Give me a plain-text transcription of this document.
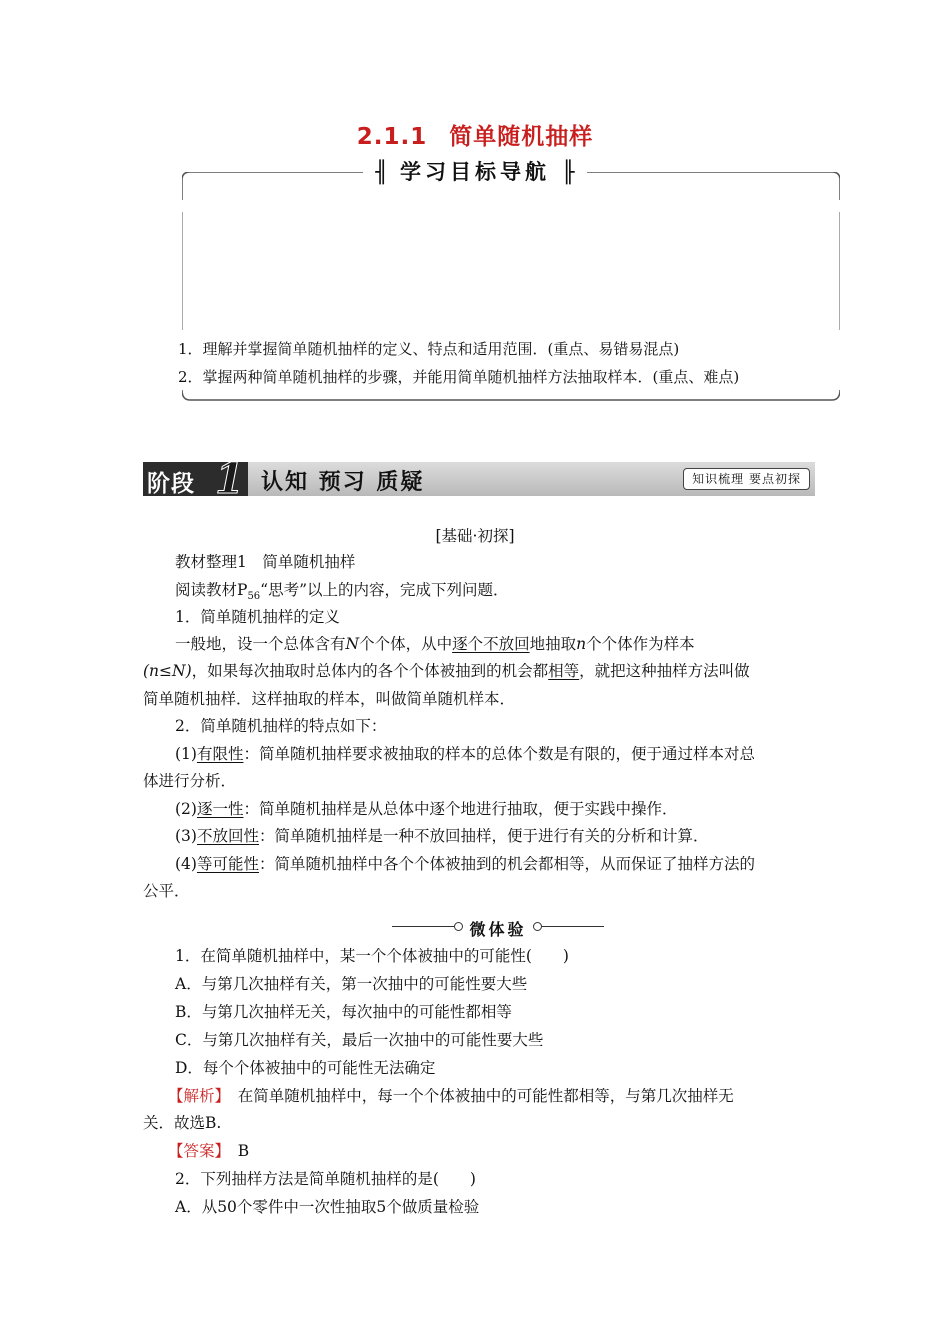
2.1.1 简单随机抽样
╢ 学习目标导航 ╟
1．理解并掌握简单随机抽样的定义、特点和适用范围．(重点、易错易混点)
2．掌握两种简单随机抽样的步骤，并能用简单随机抽样方法抽取样本．(重点、难点)
阶段 1 认知 预习 质疑	知识梳理 要点初探
[基础·初探]
教材整理1　简单随机抽样
阅读教材$P_{56}“$思考”以上的内容，完成下列问题．
1．简单随机抽样的定义
一般地，设一个总体含有N个个体，从中逐个不放回地抽取n个个体作为样本
(n≤N)，如果每次抽取时总体内的各个个体被抽到的机会都相等，就把这种抽样方法叫做
简单随机抽样．这样抽取的样本，叫做简单随机样本．
2．简单随机抽样的特点如下：
(1)有限性：简单随机抽样要求被抽取的样本的总体个数是有限的，便于通过样本对总
体进行分析．
(2)逐一性：简单随机抽样是从总体中逐个地进行抽取，便于实践中操作．
(3)不放回性：简单随机抽样是一种不放回抽样，便于进行有关的分析和计算．
(4)等可能性：简单随机抽样中各个个体被抽到的机会都相等，从而保证了抽样方法的
公平．
微体验
1．在简单随机抽样中，某一个个体被抽中的可能性(　　)
A．与第几次抽样有关，第一次抽中的可能性要大些
B．与第几次抽样无关，每次抽中的可能性都相等
C．与第几次抽样有关，最后一次抽中的可能性要大些
D．每个个体被抽中的可能性无法确定
【解析】　在简单随机抽样中，每一个个体被抽中的可能性都相等，与第几次抽样无
关．故选B.
【答案】　B
2．下列抽样方法是简单随机抽样的是(　　)
A．从50个零件中一次性抽取5个做质量检验
